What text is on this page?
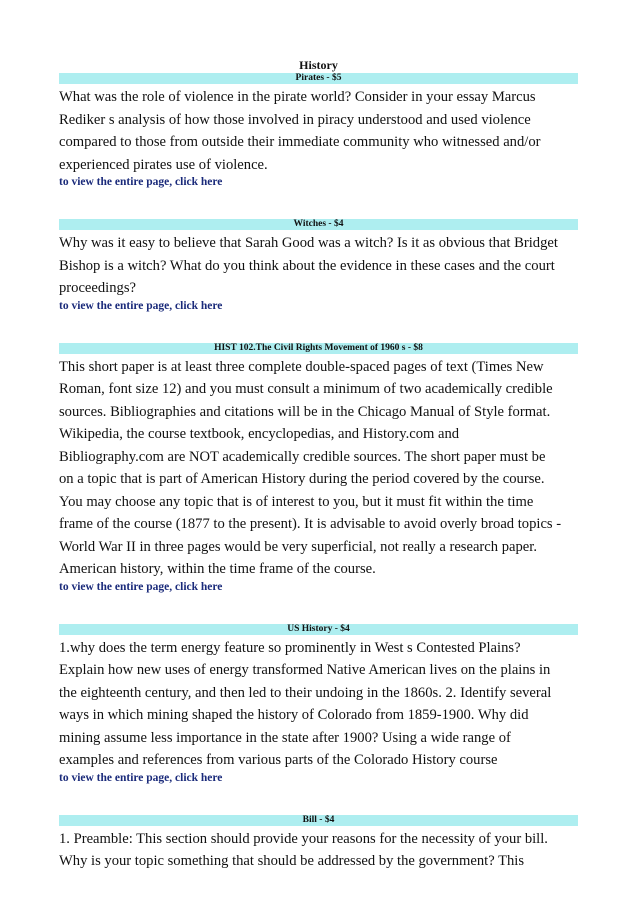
History
Pirates - $5
What was the role of violence in the pirate world? Consider in your essay Marcus
Rediker s analysis of how those involved in piracy understood and used violence
compared to those from outside their immediate community who witnessed and/or
experienced pirates use of violence.
to view the entire page, click here
Witches - $4
Why was it easy to believe that Sarah Good was a witch? Is it as obvious that Bridget
Bishop is a witch? What do you think about the evidence in these cases and the court
proceedings?
to view the entire page, click here
HIST 102.The Civil Rights Movement of 1960 s - $8
This short paper is at least three complete double-spaced pages of text (Times New
Roman, font size 12) and you must consult a minimum of two academically credible
sources. Bibliographies and citations will be in the Chicago Manual of Style format.
Wikipedia, the course textbook, encyclopedias, and History.com and
Bibliography.com are NOT academically credible sources. The short paper must be
on a topic that is part of American History during the period covered by the course.
You may choose any topic that is of interest to you, but it must fit within the time
frame of the course (1877 to the present). It is advisable to avoid overly broad topics -
World War II in three pages would be very superficial, not really a research paper.
American history, within the time frame of the course.
to view the entire page, click here
US History - $4
1.why does the term energy feature so prominently in West s Contested Plains?
Explain how new uses of energy transformed Native American lives on the plains in
the eighteenth century, and then led to their undoing in the 1860s. 2. Identify several
ways in which mining shaped the history of Colorado from 1859-1900. Why did
mining assume less importance in the state after 1900? Using a wide range of
examples and references from various parts of the Colorado History course
to view the entire page, click here
Bill - $4
1. Preamble: This section should provide your reasons for the necessity of your bill.
Why is your topic something that should be addressed by the government? This
